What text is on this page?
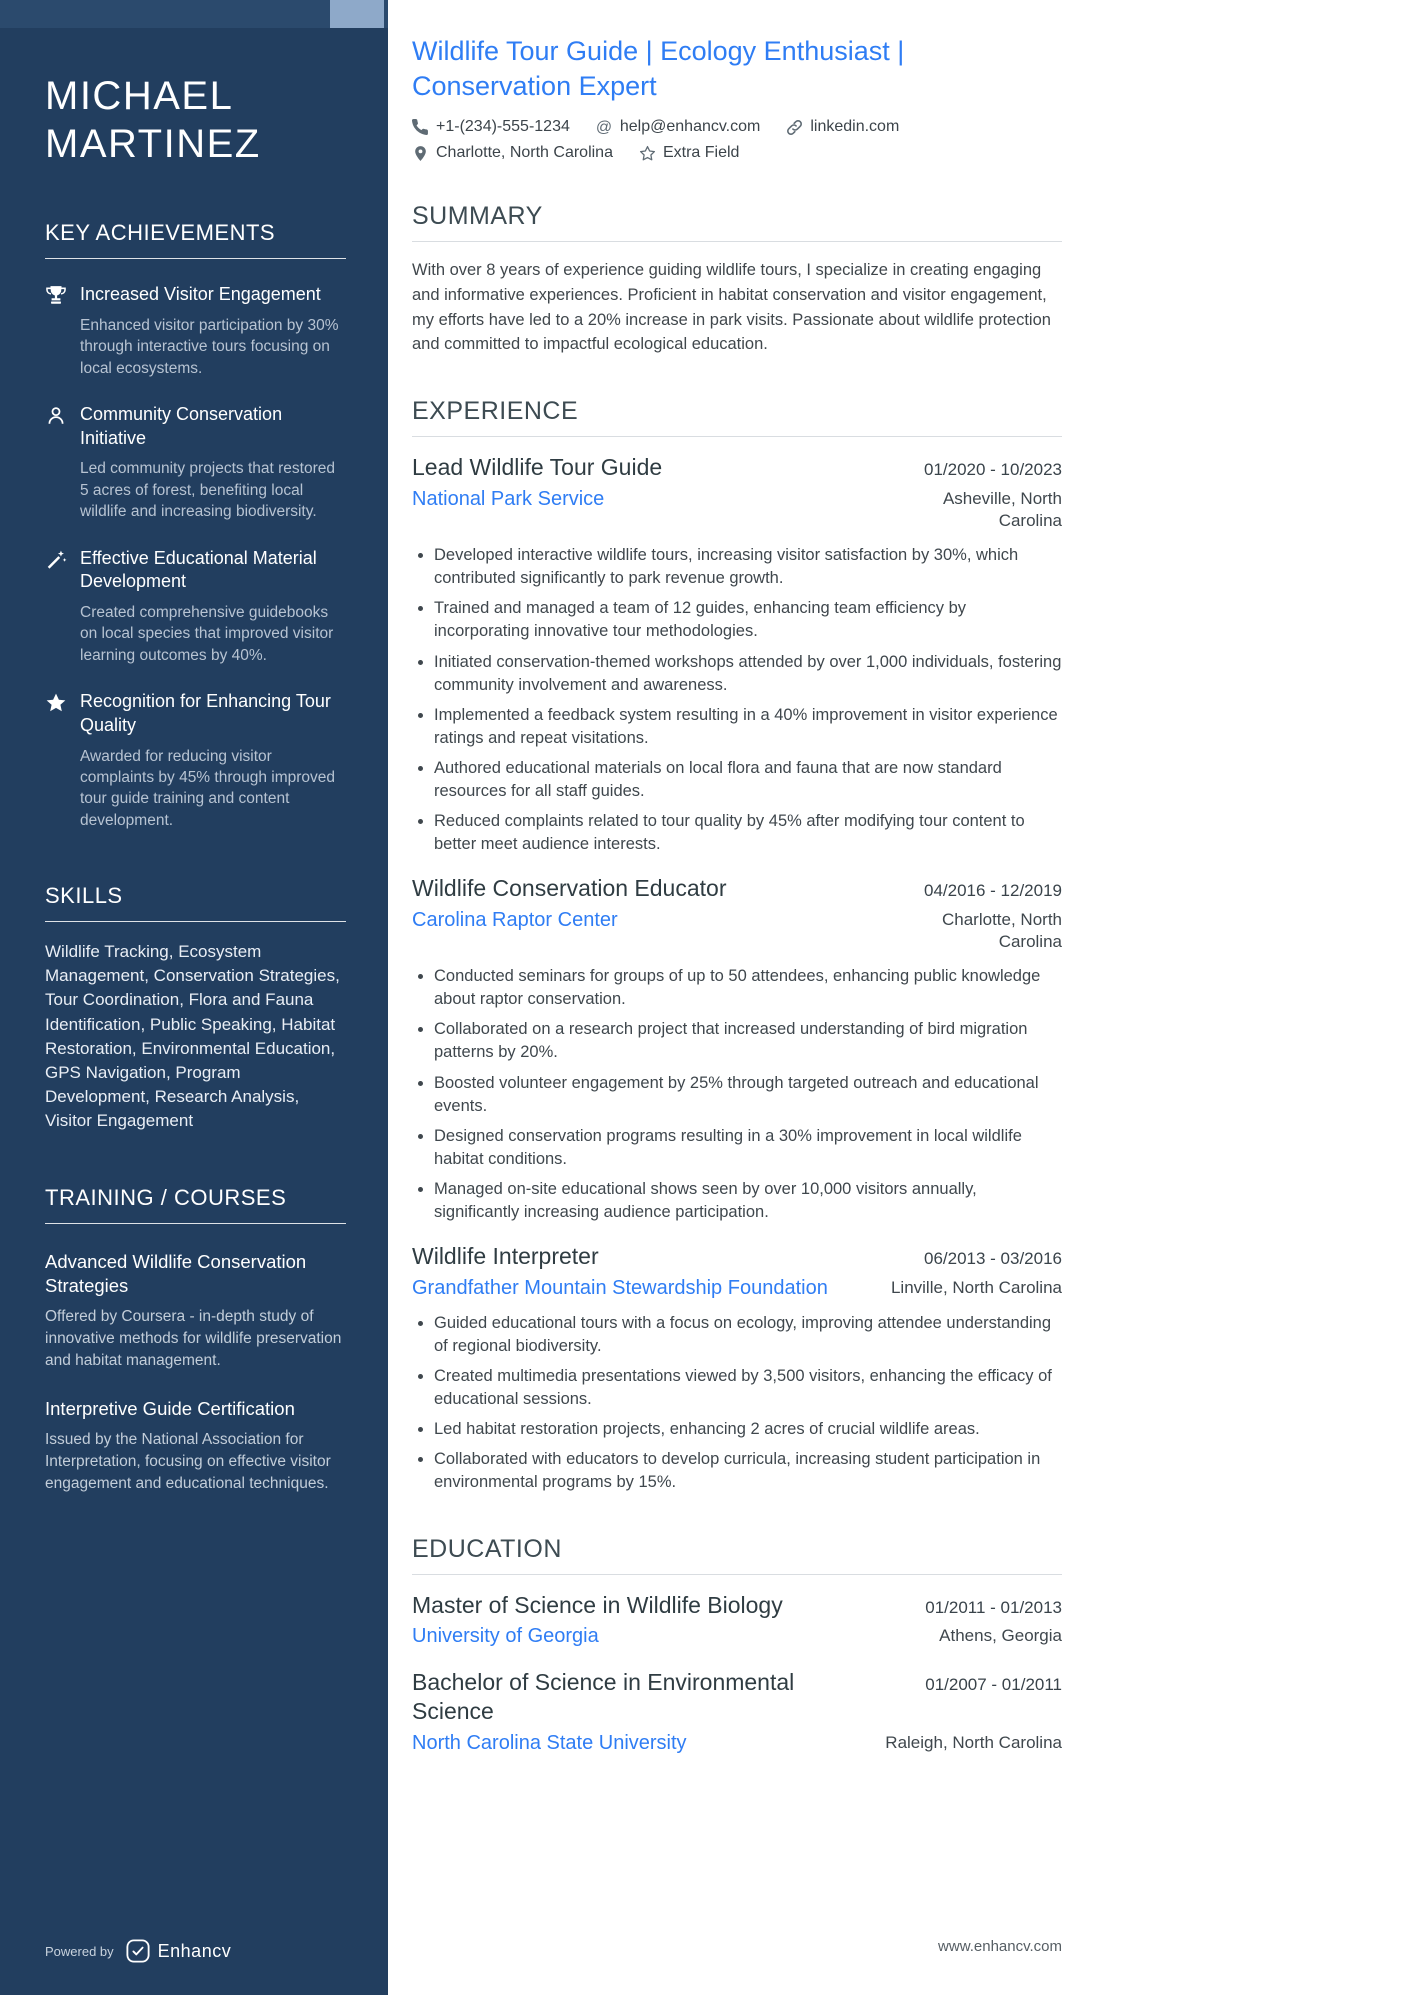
MICHAEL MARTINEZ
KEY ACHIEVEMENTS
Increased Visitor Engagement

Enhanced visitor participation by 30% through interactive tours focusing on local ecosystems.

Community Conservation Initiative

Led community projects that restored 5 acres of forest, benefiting local wildlife and increasing biodiversity.

Effective Educational Material Development

Created comprehensive guidebooks on local species that improved visitor learning outcomes by 40%.

Recognition for Enhancing Tour Quality

Awarded for reducing visitor complaints by 45% through improved tour guide training and content development.

SKILLS

Wildlife Tracking, Ecosystem Management, Conservation Strategies, Tour Coordination, Flora and Fauna Identification, Public Speaking, Habitat Restoration, Environmental Education, GPS Navigation, Program Development, Research Analysis, Visitor Engagement

TRAINING / COURSES
Advanced Wildlife Conservation Strategies

Offered by Coursera - in-depth study of innovative methods for wildlife preservation and habitat management.

Interpretive Guide Certification

Issued by the National Association for Interpretation, focusing on effective visitor engagement and educational techniques.

Powered by Enhancv
Wildlife Tour Guide | Ecology Enthusiast | Conservation Expert
+1-(234)-555-1234 @ help@enhancv.com	linkedin.com
Charlotte, North Carolina	Extra Field
SUMMARY

With over 8 years of experience guiding wildlife tours, I specialize in creating engaging and informative experiences. Proficient in habitat conservation and visitor engagement, my efforts have led to a 20% increase in park visits. Passionate about wildlife protection and committed to impactful ecological education.

EXPERIENCE
Lead Wildlife Tour Guide	01/2020 - 10/2023

National Park Service	Asheville, North Carolina
• Developed interactive wildlife tours, increasing visitor satisfaction by 30%, which contributed significantly to park revenue growth.
• Trained and managed a team of 12 guides, enhancing team efficiency by incorporating innovative tour methodologies.
• Initiated conservation-themed workshops attended by over 1,000 individuals, fostering community involvement and awareness.
• Implemented a feedback system resulting in a 40% improvement in visitor experience ratings and repeat visitations.
• Authored educational materials on local flora and fauna that are now standard resources for all staff guides.
• Reduced complaints related to tour quality by 45% after modifying tour content to better meet audience interests.
Wildlife Conservation Educator	04/2016 - 12/2019

Carolina Raptor Center	Charlotte, North Carolina
• Conducted seminars for groups of up to 50 attendees, enhancing public knowledge about raptor conservation.
• Collaborated on a research project that increased understanding of bird migration patterns by 20%.
• Boosted volunteer engagement by 25% through targeted outreach and educational events.
• Designed conservation programs resulting in a 30% improvement in local wildlife habitat conditions.
• Managed on-site educational shows seen by over 10,000 visitors annually, significantly increasing audience participation.
Wildlife Interpreter	06/2013 - 03/2016

Grandfather Mountain Stewardship Foundation	Linville, North Carolina
• Guided educational tours with a focus on ecology, improving attendee understanding of regional biodiversity.
• Created multimedia presentations viewed by 3,500 visitors, enhancing the efficacy of educational sessions.
• Led habitat restoration projects, enhancing 2 acres of crucial wildlife areas.
• Collaborated with educators to develop curricula, increasing student participation in environmental programs by 15%.
EDUCATION
Master of Science in Wildlife Biology	01/2011 - 01/2013

University of Georgia	Athens, Georgia
Bachelor of Science in Environmental Science
01/2007 - 01/2011

North Carolina State University	Raleigh, North Carolina
www.enhancv.com
